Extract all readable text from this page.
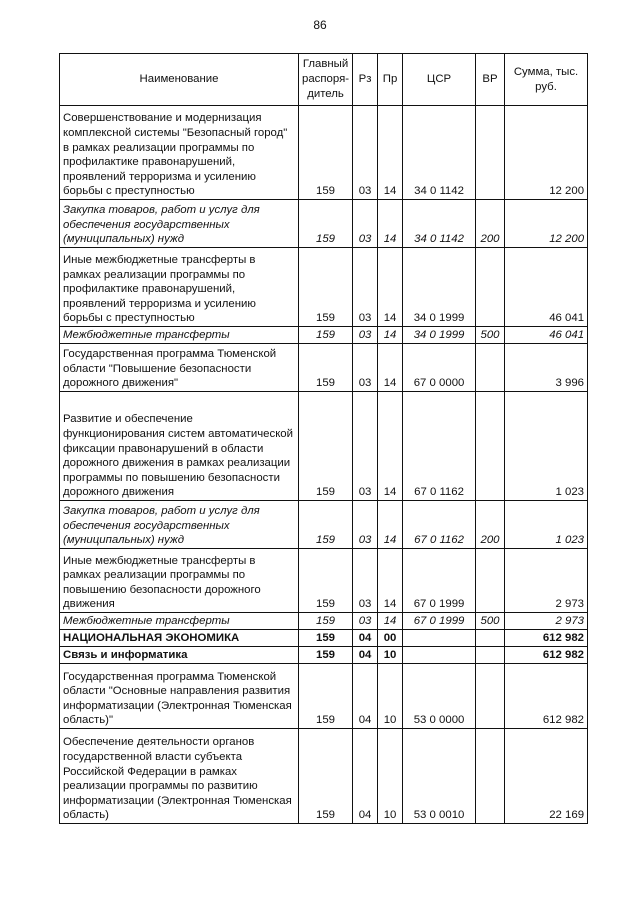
86
Наименование	Главный распоря-дитель	Рз	Пр	ЦСР	ВР	Сумма, тыс. руб.
Совершенствование и модернизация комплексной системы "Безопасный город" в рамках реализации программы по профилактике правонарушений, проявлений терроризма и усилению борьбы с преступностью	159	03	14	34 0 1142		12 200
Закупка товаров, работ и услуг для обеспечения государственных (муниципальных) нужд	159	03	14	34 0 1142	200	12 200
Иные межбюджетные трансферты в рамках реализации программы по профилактике правонарушений, проявлений терроризма и усилению борьбы с преступностью	159	03	14	34 0 1999		46 041
Межбюджетные трансферты	159	03	14	34 0 1999	500	46 041
Государственная программа Тюменской области "Повышение безопасности дорожного движения"	159	03	14	67 0 0000		3 996
Развитие и обеспечение функционирования систем автоматической фиксации правонарушений в области дорожного движения в рамках реализации программы по повышению безопасности дорожного движения	159	03	14	67 0 1162		1 023
Закупка товаров, работ и услуг для обеспечения государственных (муниципальных) нужд	159	03	14	67 0 1162	200	1 023
Иные межбюджетные трансферты в рамках реализации программы по повышению безопасности дорожного движения	159	03	14	67 0 1999		2 973
Межбюджетные трансферты	159	03	14	67 0 1999	500	2 973
НАЦИОНАЛЬНАЯ ЭКОНОМИКА	159	04	00			612 982
Связь и информатика	159	04	10			612 982
Государственная программа Тюменской области "Основные направления развития информатизации (Электронная Тюменская область)"	159	04	10	53 0 0000		612 982
Обеспечение деятельности органов государственной власти субъекта Российской Федерации в рамках реализации программы по развитию информатизации (Электронная Тюменская область)	159	04	10	53 0 0010		22 169
